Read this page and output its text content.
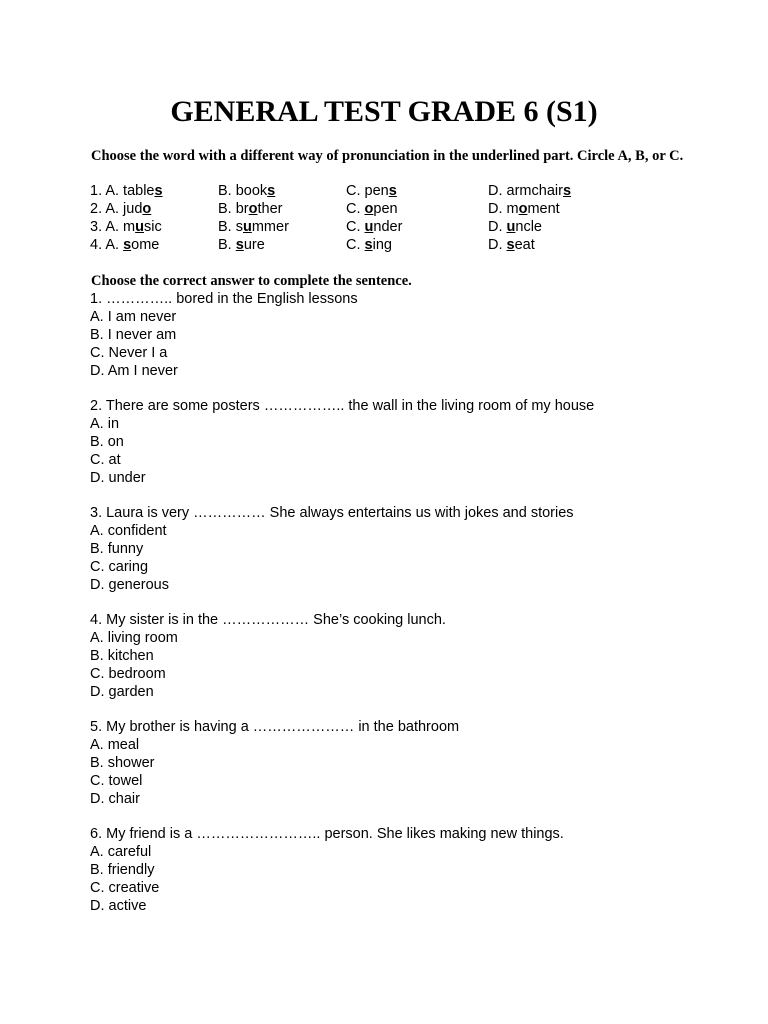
GENERAL TEST GRADE 6 (S1)
Choose the word with a different way of pronunciation in the underlined part. Circle A, B, or C.
1. A. tables	B. books	C. pens	D. armchairs
2. A. judo	B. brother	C. open	D. moment
3. A. music	B. summer	C. under	D. uncle
4. A. some	B. sure	C. sing	D. seat
Choose the correct answer to complete the sentence.
1. ………….. bored in the English lessons
A. I am never
B. I never am
C. Never I a
D. Am I never
2. There are some posters …………….. the wall in the living room of my house
A. in
B. on
C. at
D. under
3. Laura is very …………… She always entertains us with jokes and stories
A. confident
B. funny
C. caring
D. generous
4. My sister is in the ……………… She’s cooking lunch.
A. living room
B. kitchen
C. bedroom
D. garden
5. My brother is having a ………………… in the bathroom
A. meal
B. shower
C. towel
D. chair
6. My friend is a …………………….. person. She likes making new things.
A. careful
B. friendly
C. creative
D. active
